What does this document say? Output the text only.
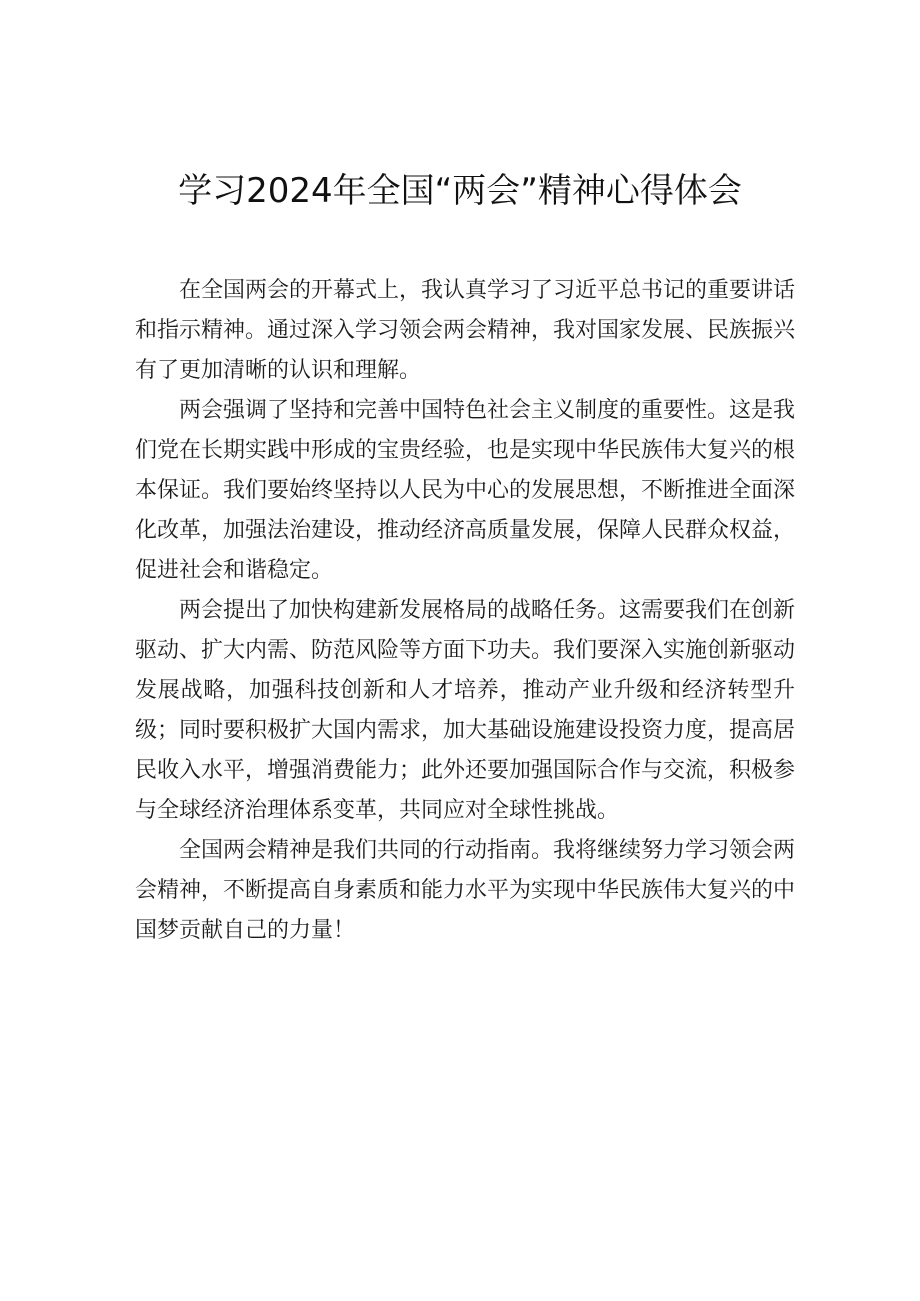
学习2024年全国“两会”精神心得体会

在全国两会的开幕式上，我认真学习了习近平总书记的重要讲话和指示精神。通过深入学习领会两会精神，我对国家发展、民族振兴有了更加清晰的认识和理解。

两会强调了坚持和完善中国特色社会主义制度的重要性。这是我们党在长期实践中形成的宝贵经验，也是实现中华民族伟大复兴的根本保证。我们要始终坚持以人民为中心的发展思想，不断推进全面深化改革，加强法治建设，推动经济高质量发展，保障人民群众权益，促进社会和谐稳定。

两会提出了加快构建新发展格局的战略任务。这需要我们在创新驱动、扩大内需、防范风险等方面下功夫。我们要深入实施创新驱动发展战略，加强科技创新和人才培养，推动产业升级和经济转型升级；同时要积极扩大国内需求，加大基础设施建设投资力度，提高居民收入水平，增强消费能力；此外还要加强国际合作与交流，积极参与全球经济治理体系变革，共同应对全球性挑战。

全国两会精神是我们共同的行动指南。我将继续努力学习领会两会精神，不断提高自身素质和能力水平为实现中华民族伟大复兴的中国梦贡献自己的力量！
